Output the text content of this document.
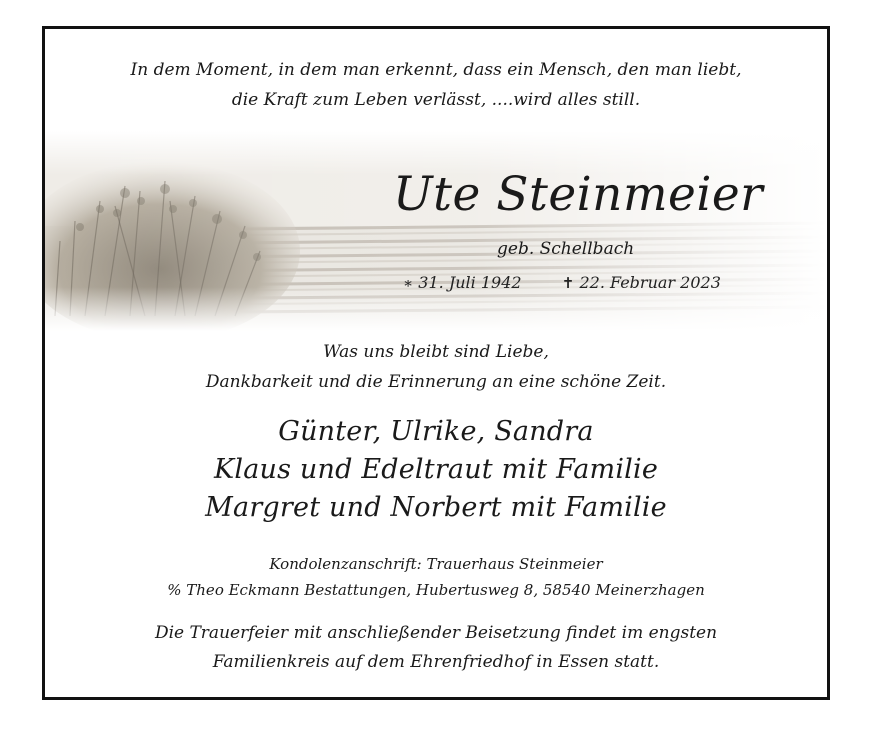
In dem Moment, in dem man erkennt, dass ein Mensch, den man liebt,
die Kraft zum Leben verlässt, ....wird alles still.
Ute Steinmeier
geb. Schellbach
∗ 31. Juli 1942	✝ 22. Februar 2023
Was uns bleibt sind Liebe,
Dankbarkeit und die Erinnerung an eine schöne Zeit.
Günter, Ulrike, Sandra
Klaus und Edeltraut mit Familie
Margret und Norbert mit Familie
Kondolenzanschrift: Trauerhaus Steinmeier
% Theo Eckmann Bestattungen, Hubertusweg 8, 58540 Meinerzhagen
Die Trauerfeier mit anschließender Beisetzung findet im engsten
Familienkreis auf dem Ehrenfriedhof in Essen statt.
